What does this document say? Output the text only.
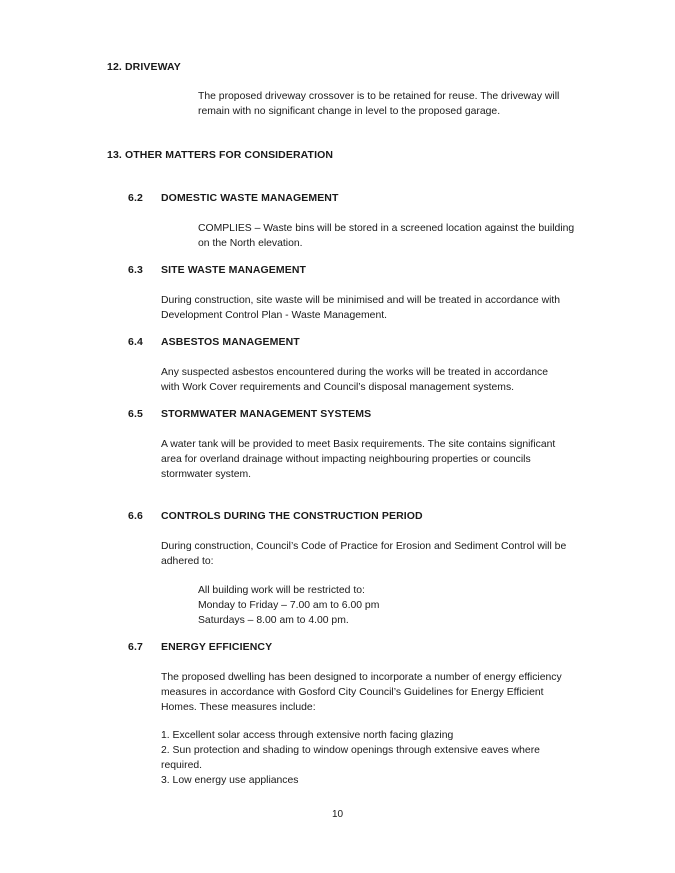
12. DRIVEWAY
The proposed driveway crossover is to be retained for reuse. The driveway will
remain with no significant change in level to the proposed garage.
13. OTHER MATTERS FOR CONSIDERATION
6.2 DOMESTIC WASTE MANAGEMENT
COMPLIES – Waste bins will be stored in a screened location against the building
on the North elevation.
6.3 SITE WASTE MANAGEMENT
During construction, site waste will be minimised and will be treated in accordance with
Development Control Plan - Waste Management.
6.4 ASBESTOS MANAGEMENT
Any suspected asbestos encountered during the works will be treated in accordance
with Work Cover requirements and Council’s disposal management systems.
6.5 STORMWATER MANAGEMENT SYSTEMS
A water tank will be provided to meet Basix requirements. The site contains significant
area for overland drainage without impacting neighbouring properties or councils
stormwater system.
6.6 CONTROLS DURING THE CONSTRUCTION PERIOD
During construction, Council’s Code of Practice for Erosion and Sediment Control will be
adhered to:
All building work will be restricted to:
Monday to Friday – 7.00 am to 6.00 pm
Saturdays – 8.00 am to 4.00 pm.
6.7 ENERGY EFFICIENCY
The proposed dwelling has been designed to incorporate a number of energy efficiency
measures in accordance with Gosford City Council’s Guidelines for Energy Efficient
Homes. These measures include:
1. Excellent solar access through extensive north facing glazing
2. Sun protection and shading to window openings through extensive eaves where
required.
3. Low energy use appliances
10
